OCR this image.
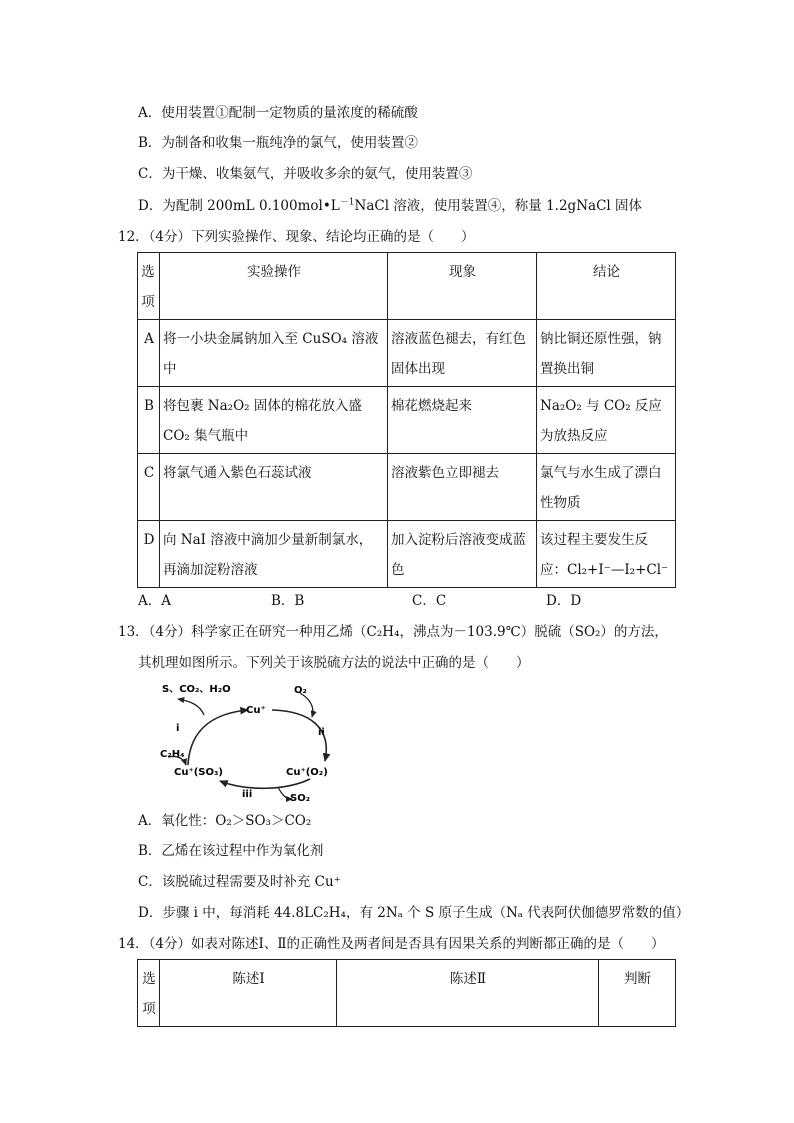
A．使用装置①配制一定物质的量浓度的稀硫酸
B．为制备和收集一瓶纯净的氯气，使用装置②
C．为干燥、收集氨气，并吸收多余的氨气，使用装置③
D．为配制 200mL $0.100mol•L^{-1}NaCl$ 溶液，使用装置④，称量 1.2gNaCl 固体
12．（4分）下列实验操作、现象、结论均正确的是（　　）
选项	实验操作	现象	结论
A	将一小块金属钠加入至 CuSO₄ 溶液中	溶液蓝色褪去，有红色固体出现	钠比铜还原性强，钠置换出铜
B	将包裹 Na₂O₂ 固体的棉花放入盛 CO₂ 集气瓶中	棉花燃烧起来	Na₂O₂ 与 CO₂ 反应为放热反应
C	将氯气通入紫色石蕊试液	溶液紫色立即褪去	氯气与水生成了漂白性物质
D	向 NaI 溶液中滴加少量新制氯水，再滴加淀粉溶液	加入淀粉后溶液变成蓝色	该过程主要发生反应：Cl₂+I⁻—I₂+Cl⁻
A．A	B．B	C．C	D．D
13．（4分）科学家正在研究一种用乙烯（C₂H₄，沸点为－103.9℃）脱硫（SO₂）的方法，
其机理如图所示。下列关于该脱硫方法的说法中正确的是（　　）
S、CO₂、H₂O	O₂
Cu⁺
i	ii
C₂H₄
Cu⁺(SO₃)	Cu⁺(O₂)
iii	SO₂
A．氧化性：O₂＞SO₃＞CO₂
B．乙烯在该过程中作为氧化剂
C．该脱硫过程需要及时补充 Cu⁺
D．步骤 i 中，每消耗 44.8LC₂H₄，有 2Nₐ 个 S 原子生成（Nₐ 代表阿伏伽德罗常数的值）
14．（4分）如表对陈述Ⅰ、Ⅱ的正确性及两者间是否具有因果关系的判断都正确的是（　　）
选项	陈述Ⅰ	陈述Ⅱ	判断
